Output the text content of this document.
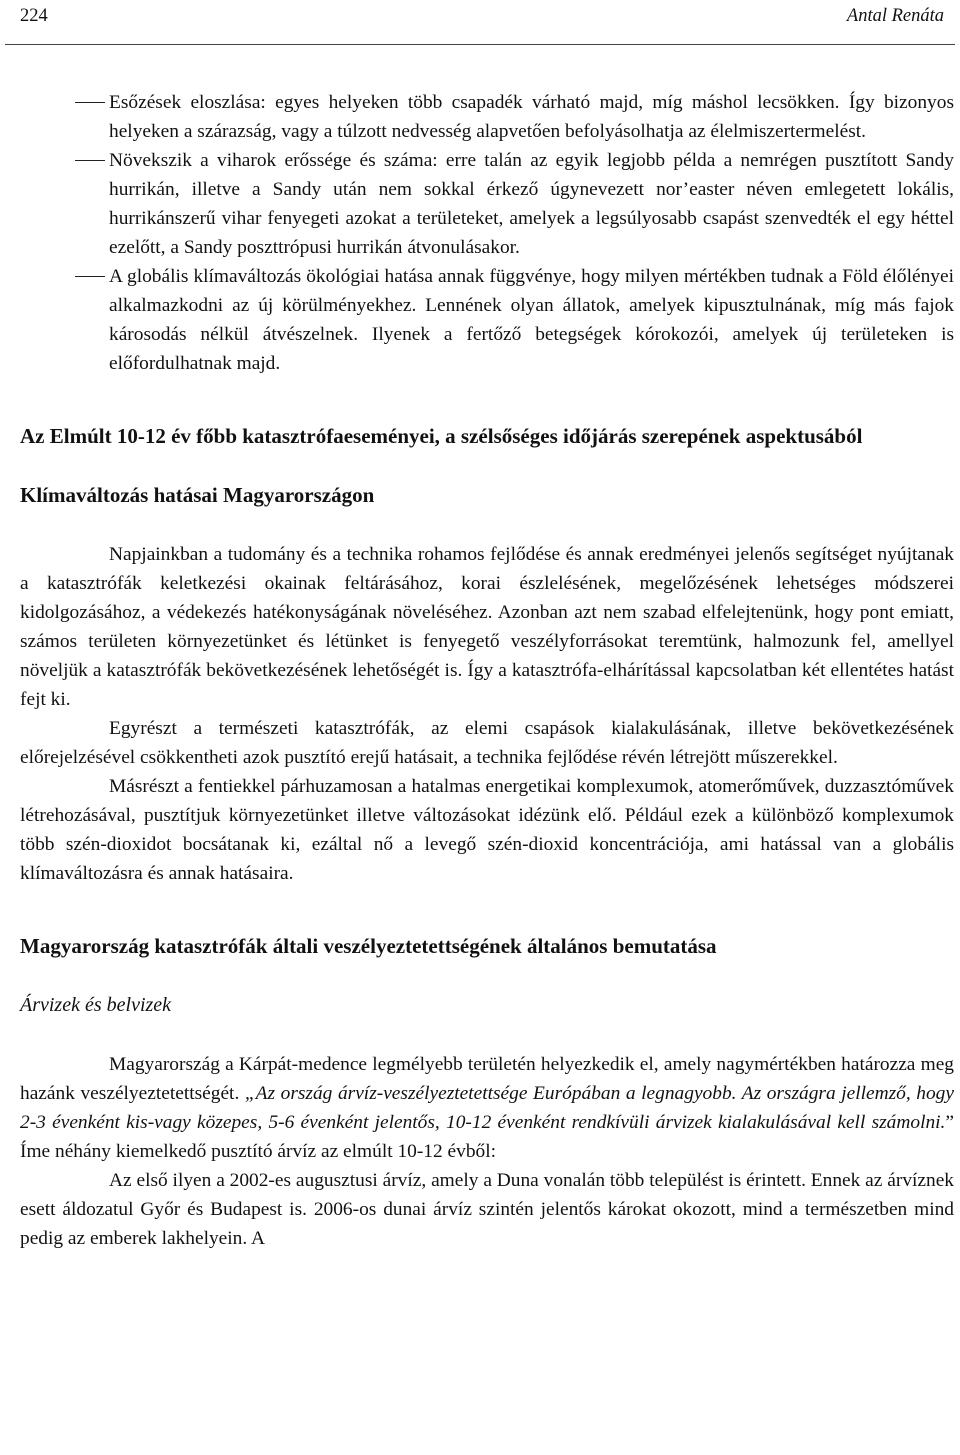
224	Antal Renáta
Esőzések eloszlása: egyes helyeken több csapadék várható majd, míg máshol lecsökken. Így bizonyos helyeken a szárazság, vagy a túlzott nedvesség alapvetően befolyásolhatja az élelmiszertermelést.
Növekszik a viharok erőssége és száma: erre talán az egyik legjobb példa a nemrégen pusztított Sandy hurrikán, illetve a Sandy után nem sokkal érkező úgynevezett nor’easter néven emlegetett lokális, hurrikánszerű vihar fenyegeti azokat a területeket, amelyek a legsúlyosabb csapást szenvedték el egy héttel ezelőtt, a Sandy poszttrópusi hurrikán átvonulásakor.
A globális klímaváltozás ökológiai hatása annak függvénye, hogy milyen mértékben tudnak a Föld élőlényei alkalmazkodni az új körülményekhez. Lennének olyan állatok, amelyek kipusztulnának, míg más fajok károsodás nélkül átvészelnek. Ilyenek a fertőző betegségek kórokozói, amelyek új területeken is előfordulhatnak majd.
Az Elmúlt 10-12 év főbb katasztrófaeseményei, a szélsőséges időjárás szerepének aspektusából
Klímaváltozás hatásai Magyarországon

Napjainkban a tudomány és a technika rohamos fejlődése és annak eredményei jelenős segítséget nyújtanak a katasztrófák keletkezési okainak feltárásához, korai észlelésének, megelőzésének lehetséges módszerei kidolgozásához, a védekezés hatékonyságának növeléséhez. Azonban azt nem szabad elfelejtenünk, hogy pont emiatt, számos területen környezetünket és létünket is fenyegető veszélyforrásokat teremtünk, halmozunk fel, amellyel növeljük a katasztrófák bekövetkezésének lehetőségét is. Így a katasztrófa-elhárítással kapcsolatban két ellentétes hatást fejt ki.

Egyrészt a természeti katasztrófák, az elemi csapások kialakulásának, illetve bekövetkezésének előrejelzésével csökkentheti azok pusztító erejű hatásait, a technika fejlődése révén létrejött műszerekkel.

Másrészt a fentiekkel párhuzamosan a hatalmas energetikai komplexumok, atomerőművek, duzzasztóművek létrehozásával, pusztítjuk környezetünket illetve változásokat idézünk elő. Például ezek a különböző komplexumok több szén-dioxidot bocsátanak ki, ezáltal nő a levegő szén-dioxid koncentrációja, ami hatással van a globális klímaváltozásra és annak hatásaira.

Magyarország katasztrófák általi veszélyeztetettségének általános bemutatása
Árvizek és belvizek

Magyarország a Kárpát-medence legmélyebb területén helyezkedik el, amely nagymértékben határozza meg hazánk veszélyeztetettségét. „Az ország árvíz-veszélyeztetettsége Európában a legnagyobb. Az országra jellemző, hogy 2-3 évenként kis-vagy közepes, 5-6 évenként jelentős, 10-12 évenként rendkívüli árvizek kialakulásával kell számolni.” Íme néhány kiemelkedő pusztító árvíz az elmúlt 10-12 évből:

Az első ilyen a 2002-es augusztusi árvíz, amely a Duna vonalán több települést is érintett. Ennek az árvíznek esett áldozatul Győr és Budapest is. 2006-os dunai árvíz szintén jelentős károkat okozott, mind a természetben mind pedig az emberek lakhelyein. A
